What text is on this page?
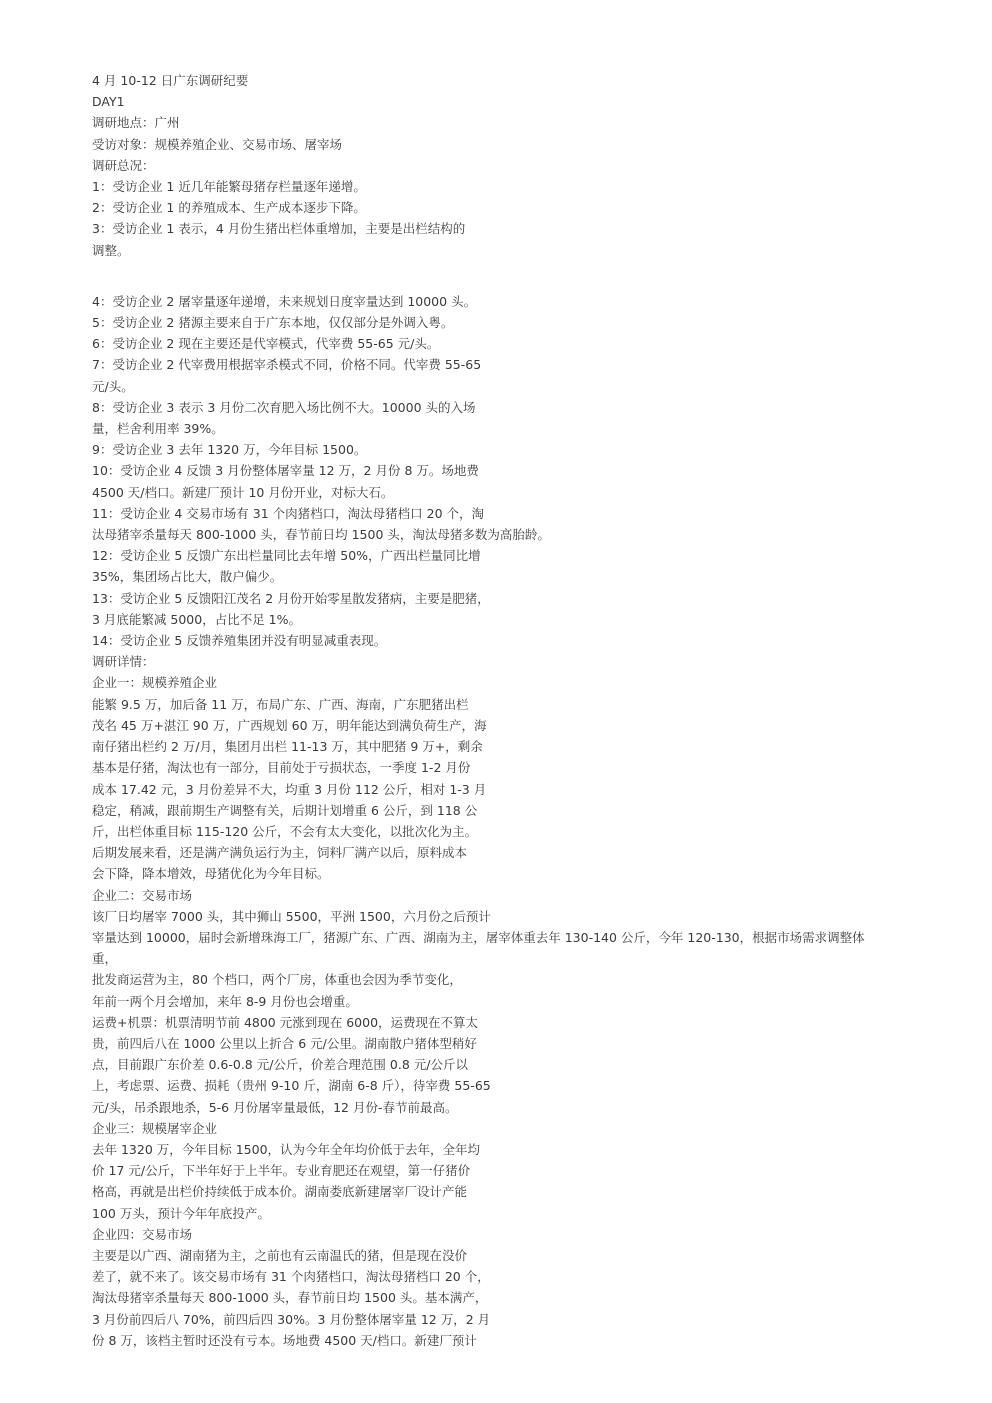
4 月 10-12 日广东调研纪要
DAY1
调研地点：广州
受访对象：规模养殖企业、交易市场、屠宰场
调研总况：
1：受访企业 1 近几年能繁母猪存栏量逐年递增。
2：受访企业 1 的养殖成本、生产成本逐步下降。
3：受访企业 1 表示，4 月份生猪出栏体重增加，主要是出栏结构的
调整。
4：受访企业 2 屠宰量逐年递增，未来规划日度宰量达到 10000 头。
5：受访企业 2 猪源主要来自于广东本地，仅仅部分是外调入粤。
6：受访企业 2 现在主要还是代宰模式，代宰费 55-65 元/头。
7：受访企业 2 代宰费用根据宰杀模式不同，价格不同。代宰费 55-65
元/头。
8：受访企业 3 表示 3 月份二次育肥入场比例不大。10000 头的入场
量，栏舍利用率 39%。
9：受访企业 3 去年 1320 万，今年目标 1500。
10：受访企业 4 反馈 3 月份整体屠宰量 12 万，2 月份 8 万。场地费
4500 天/档口。新建厂预计 10 月份开业，对标大石。
11：受访企业 4 交易市场有 31 个肉猪档口，淘汰母猪档口 20 个，淘
汰母猪宰杀量每天 800-1000 头，春节前日均 1500 头，淘汰母猪多数为高胎龄。
12：受访企业 5 反馈广东出栏量同比去年增 50%，广西出栏量同比增
35%，集团场占比大，散户偏少。
13：受访企业 5 反馈阳江茂名 2 月份开始零星散发猪病，主要是肥猪，
3 月底能繁减 5000，占比不足 1%。
14：受访企业 5 反馈养殖集团并没有明显减重表现。
调研详情：
企业一：规模养殖企业
能繁 9.5 万，加后备 11 万，布局广东、广西、海南，广东肥猪出栏
茂名 45 万+湛江 90 万，广西规划 60 万，明年能达到满负荷生产，海
南仔猪出栏约 2 万/月，集团月出栏 11-13 万，其中肥猪 9 万+，剩余
基本是仔猪，淘汰也有一部分，目前处于亏损状态，一季度 1-2 月份
成本 17.42 元，3 月份差异不大，均重 3 月份 112 公斤，相对 1-3 月
稳定，稍减，跟前期生产调整有关，后期计划增重 6 公斤，到 118 公
斤，出栏体重目标 115-120 公斤，不会有太大变化，以批次化为主。
后期发展来看，还是满产满负运行为主，饲料厂满产以后，原料成本
会下降，降本增效，母猪优化为今年目标。
企业二：交易市场
该厂日均屠宰 7000 头，其中狮山 5500，平洲 1500，六月份之后预计
宰量达到 10000，届时会新增珠海工厂，猪源广东、广西、湖南为主，屠宰体重去年 130-140 公斤，今年 120-130，根据市场需求调整体
重，
批发商运营为主，80 个档口，两个厂房，体重也会因为季节变化，
年前一两个月会增加，来年 8-9 月份也会增重。
运费+机票：机票清明节前 4800 元涨到现在 6000，运费现在不算太
贵，前四后八在 1000 公里以上折合 6 元/公里。湖南散户猪体型稍好
点，目前跟广东价差 0.6-0.8 元/公斤，价差合理范围 0.8 元/公斤以
上，考虑票、运费、损耗（贵州 9-10 斤，湖南 6-8 斤），待宰费 55-65
元/头，吊杀跟地杀，5-6 月份屠宰量最低，12 月份-春节前最高。
企业三：规模屠宰企业
去年 1320 万，今年目标 1500，认为今年全年均价低于去年，全年均
价 17 元/公斤，下半年好于上半年。专业育肥还在观望，第一仔猪价
格高，再就是出栏价持续低于成本价。湖南娄底新建屠宰厂设计产能
100 万头，预计今年年底投产。
企业四：交易市场
主要是以广西、湖南猪为主，之前也有云南温氏的猪，但是现在没价
差了，就不来了。该交易市场有 31 个肉猪档口，淘汰母猪档口 20 个，
淘汰母猪宰杀量每天 800-1000 头，春节前日均 1500 头。基本满产，
3 月份前四后八 70%，前四后四 30%。3 月份整体屠宰量 12 万，2 月
份 8 万，该档主暂时还没有亏本。场地费 4500 天/档口。新建厂预计
